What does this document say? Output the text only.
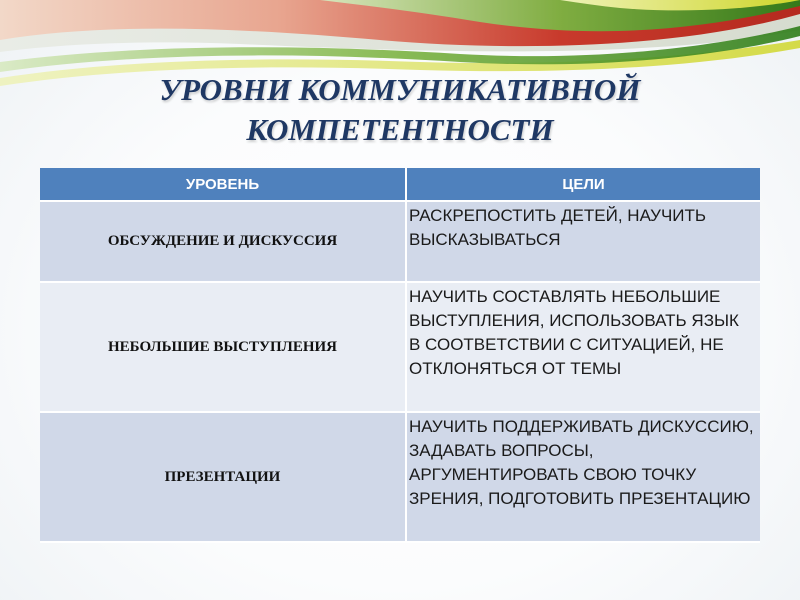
УРОВНИ КОММУНИКАТИВНОЙ
КОМПЕТЕНТНОСТИ
УРОВЕНЬ	ЦЕЛИ
ОБСУЖДЕНИЕ И ДИСКУССИЯ	РАСКРЕПОСТИТЬ ДЕТЕЙ, НАУЧИТЬ ВЫСКАЗЫВАТЬСЯ
НЕБОЛЬШИЕ ВЫСТУПЛЕНИЯ	НАУЧИТЬ СОСТАВЛЯТЬ НЕБОЛЬШИЕ ВЫСТУПЛЕНИЯ, ИСПОЛЬЗОВАТЬ ЯЗЫК В СООТВЕТСТВИИ С СИТУАЦИЕЙ, НЕ ОТКЛОНЯТЬСЯ ОТ ТЕМЫ
ПРЕЗЕНТАЦИИ	НАУЧИТЬ ПОДДЕРЖИВАТЬ ДИСКУССИЮ, ЗАДАВАТЬ ВОПРОСЫ, АРГУМЕНТИРОВАТЬ СВОЮ ТОЧКУ ЗРЕНИЯ, ПОДГОТОВИТЬ ПРЕЗЕНТАЦИЮ
